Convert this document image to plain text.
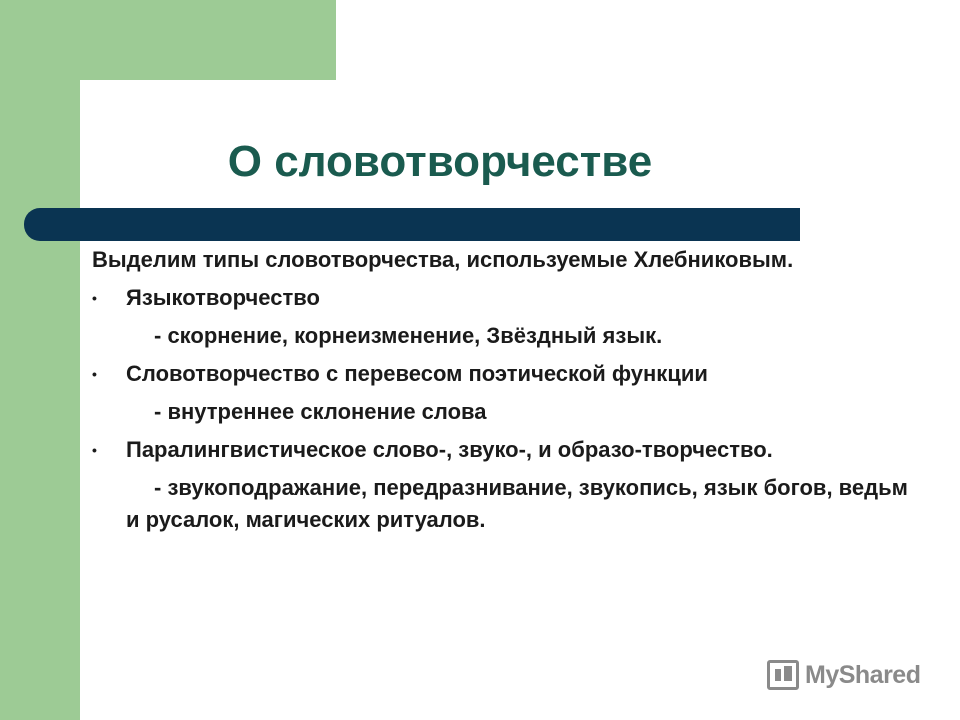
О словотворчестве

Выделим типы словотворчества, используемые Хлебниковым.

•	Языкотворчество
- скорнение, корнеизменение, Звёздный язык.
•	Словотворчество с перевесом поэтической функции
- внутреннее склонение слова
•	Паралингвистическое слово-, звуко-, и образо-творчество.
- звукоподражание, передразнивание, звукопись, язык богов, ведьм и русалок, магических ритуалов.
MyShared
